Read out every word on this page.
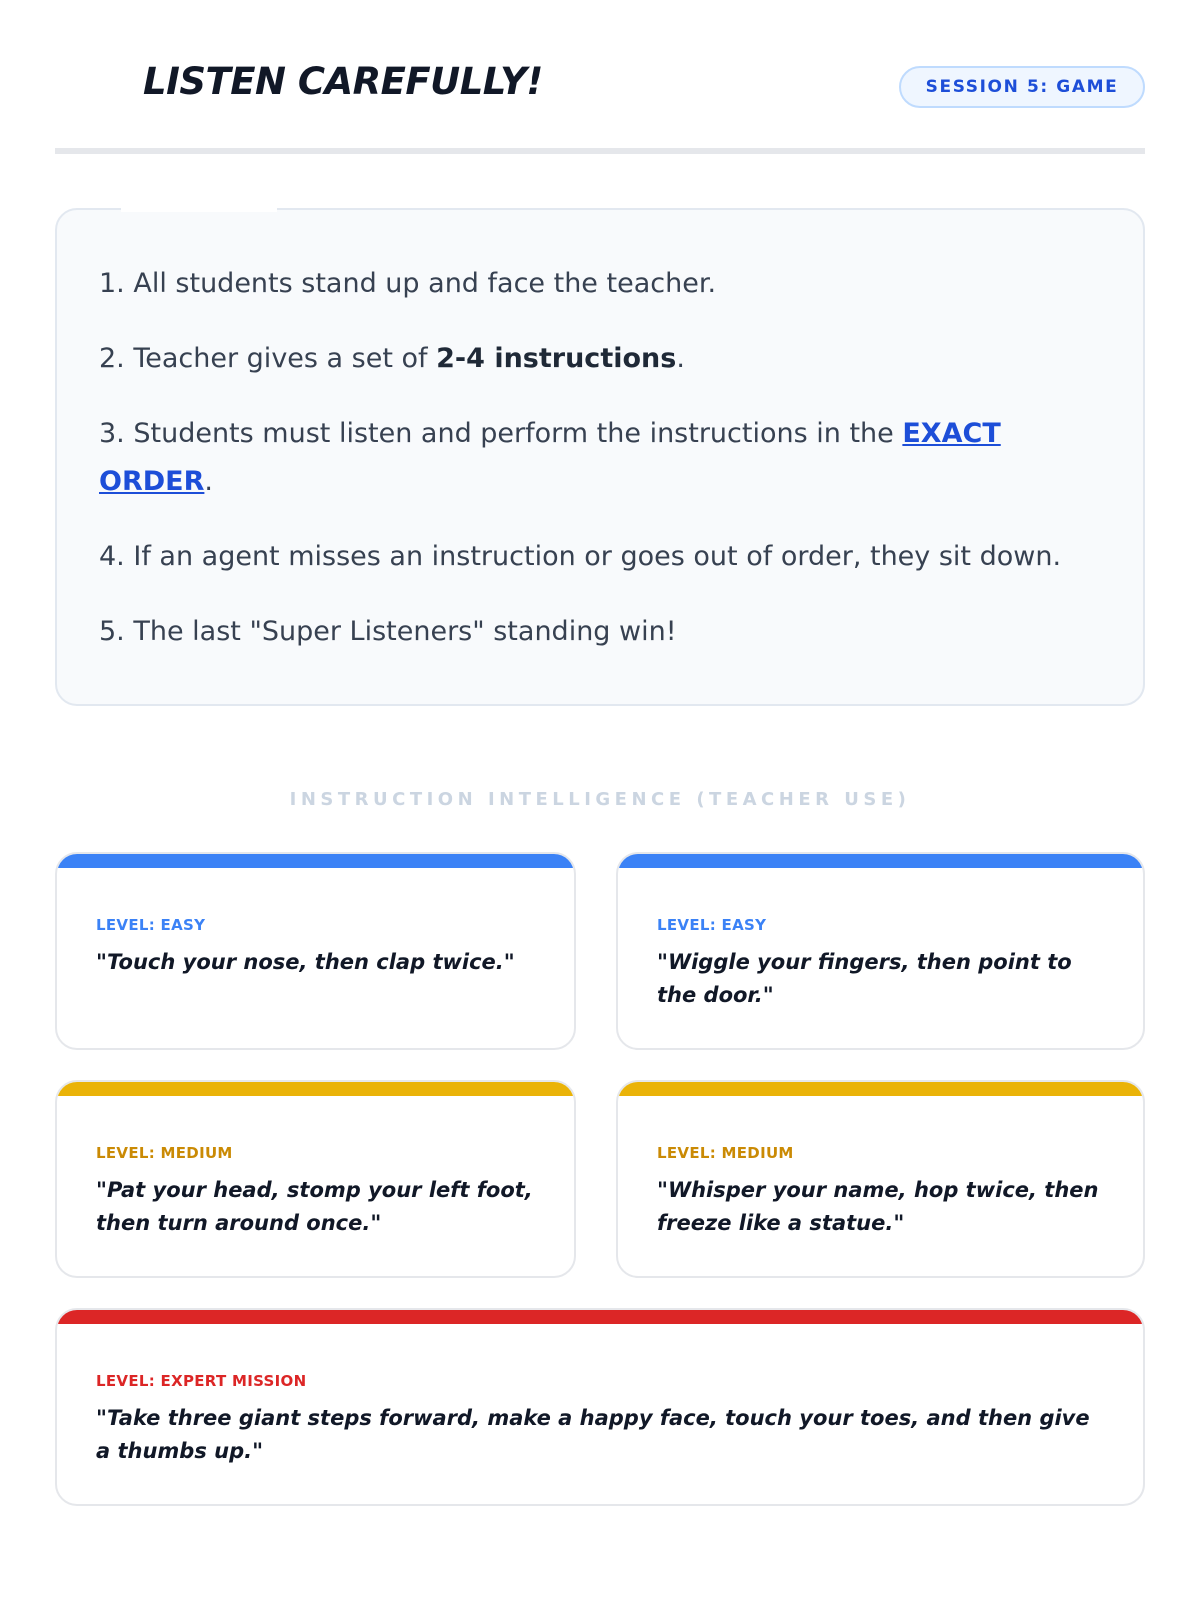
LISTEN CAREFULLY!	SESSION 5: GAME
MISSION RULES
1. All students stand up and face the teacher.
2. Teacher gives a set of 2-4 instructions.
3. Students must listen and perform the instructions in the EXACT ORDER.
4. If an agent misses an instruction or goes out of order, they sit down.
5. The last "Super Listeners" standing win!
INSTRUCTION INTELLIGENCE (TEACHER USE)
LEVEL: EASY
"Touch your nose, then clap twice."
LEVEL: EASY
"Wiggle your fingers, then point to the door."
LEVEL: MEDIUM
"Pat your head, stomp your left foot, then turn around once."
LEVEL: MEDIUM
"Whisper your name, hop twice, then freeze like a statue."
LEVEL: EXPERT MISSION
"Take three giant steps forward, make a happy face, touch your toes, and then give a thumbs up."
